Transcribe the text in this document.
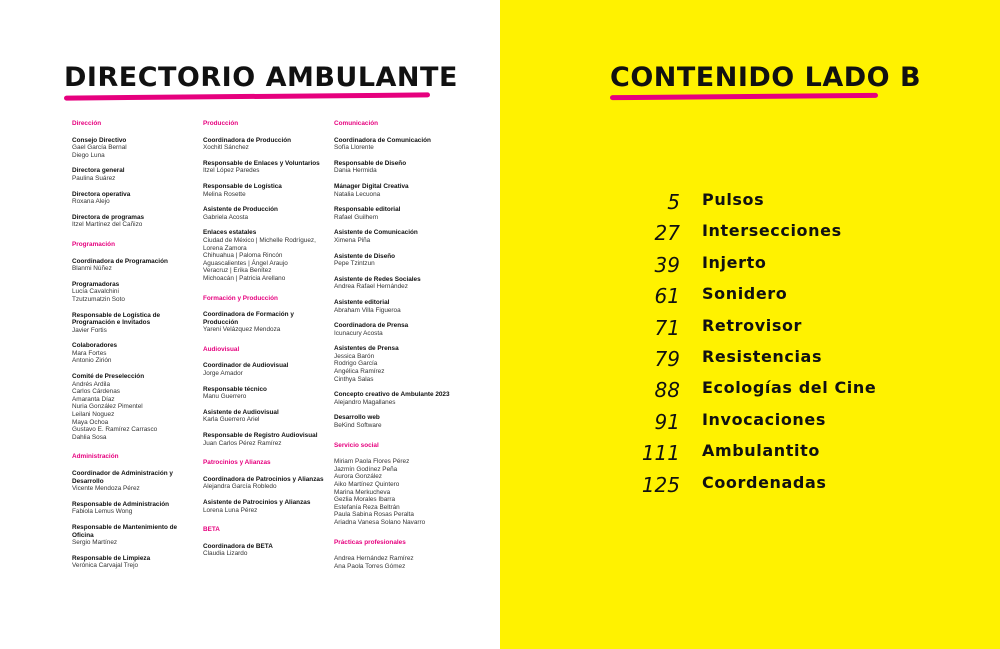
DIRECTORIO AMBULANTE
Dirección
Consejo Directivo
Gael García Bernal
Diego Luna
Directora general
Paulina Suárez
Directora operativa
Roxana Alejo
Directora de programas
Itzel Martínez del Cañizo
Programación
Coordinadora de Programación
Blanmi Núñez
Programadoras
Lucía Cavalchini
Tzutzumatzin Soto
Responsable de Logística de Programación e Invitados
Javier Fortis
Colaboradores
Mara Fortes
Antonio Zirión
Comité de Preselección
Andrés Ardila
Carlos Cárdenas
Amaranta Díaz
Nuria González Pimentel
Leilani Noguez
Maya Ochoa
Gustavo E. Ramírez Carrasco
Dahlia Sosa
Administración
Coordinador de Administración y Desarrollo
Vicente Mendoza Pérez
Responsable de Administración
Fabiola Lemus Wong
Responsable de Mantenimiento de Oficina
Sergio Martínez
Responsable de Limpieza
Verónica Carvajal Trejo
Producción
Coordinadora de Producción
Xochitl Sánchez
Responsable de Enlaces y Voluntarios
Itzel López Paredes
Responsable de Logística
Melina Rosette
Asistente de Producción
Gabriela Acosta
Enlaces estatales
Ciudad de México | Michelle Rodríguez, Lorena Zamora
Chihuahua | Paloma Rincón
Aguascalientes | Ángel Araujo
Veracruz | Erika Benítez
Michoacán | Patricia Arellano
Formación y Producción
Coordinadora de Formación y Producción
Yareni Velázquez Mendoza
Audiovisual
Coordinador de Audiovisual
Jorge Amador
Responsable técnico
Manu Guerrero
Asistente de Audiovisual
Karla Guerrero Ariel
Responsable de Registro Audiovisual
Juan Carlos Pérez Ramírez
Patrocinios y Alianzas
Coordinadora de Patrocinios y Alianzas
Alejandra García Robledo
Asistente de Patrocinios y Alianzas
Lorena Luna Pérez
BETA
Coordinadora de BETA
Claudia Lizardo
Comunicación
Coordinadora de Comunicación
Sofía Llorente
Responsable de Diseño
Dania Hermida
Mánager Digital Creativa
Natalia Lecuona
Responsable editorial
Rafael Guilhem
Asistente de Comunicación
Ximena Piña
Asistente de Diseño
Pepe Tzintzun
Asistente de Redes Sociales
Andrea Rafael Hernández
Asistente editorial
Abraham Villa Figueroa
Coordinadora de Prensa
Icunacury Acosta
Asistentes de Prensa
Jessica Barón
Rodrigo García
Angélica Ramírez
Cinthya Salas
Concepto creativo de Ambulante 2023
Alejandro Magallanes
Desarrollo web
BeKind Software
Servicio social
Miriam Paola Flores Pérez
Jazmín Godínez Peña
Aurora González
Aiko Martínez Quintero
Marina Merkucheva
Gezlia Morales Ibarra
Estefanía Reza Beltrán
Paula Sabina Rosas Peralta
Ariadna Vanesa Solano Navarro
Prácticas profesionales
Andrea Hernández Ramírez
Ana Paola Torres Gómez
CONTENIDO LADO B
5 Pulsos
27 Intersecciones
39 Injerto
61 Sonidero
71 Retrovisor
79 Resistencias
88 Ecologías del Cine
91 Invocaciones
111 Ambulantito
125 Coordenadas
